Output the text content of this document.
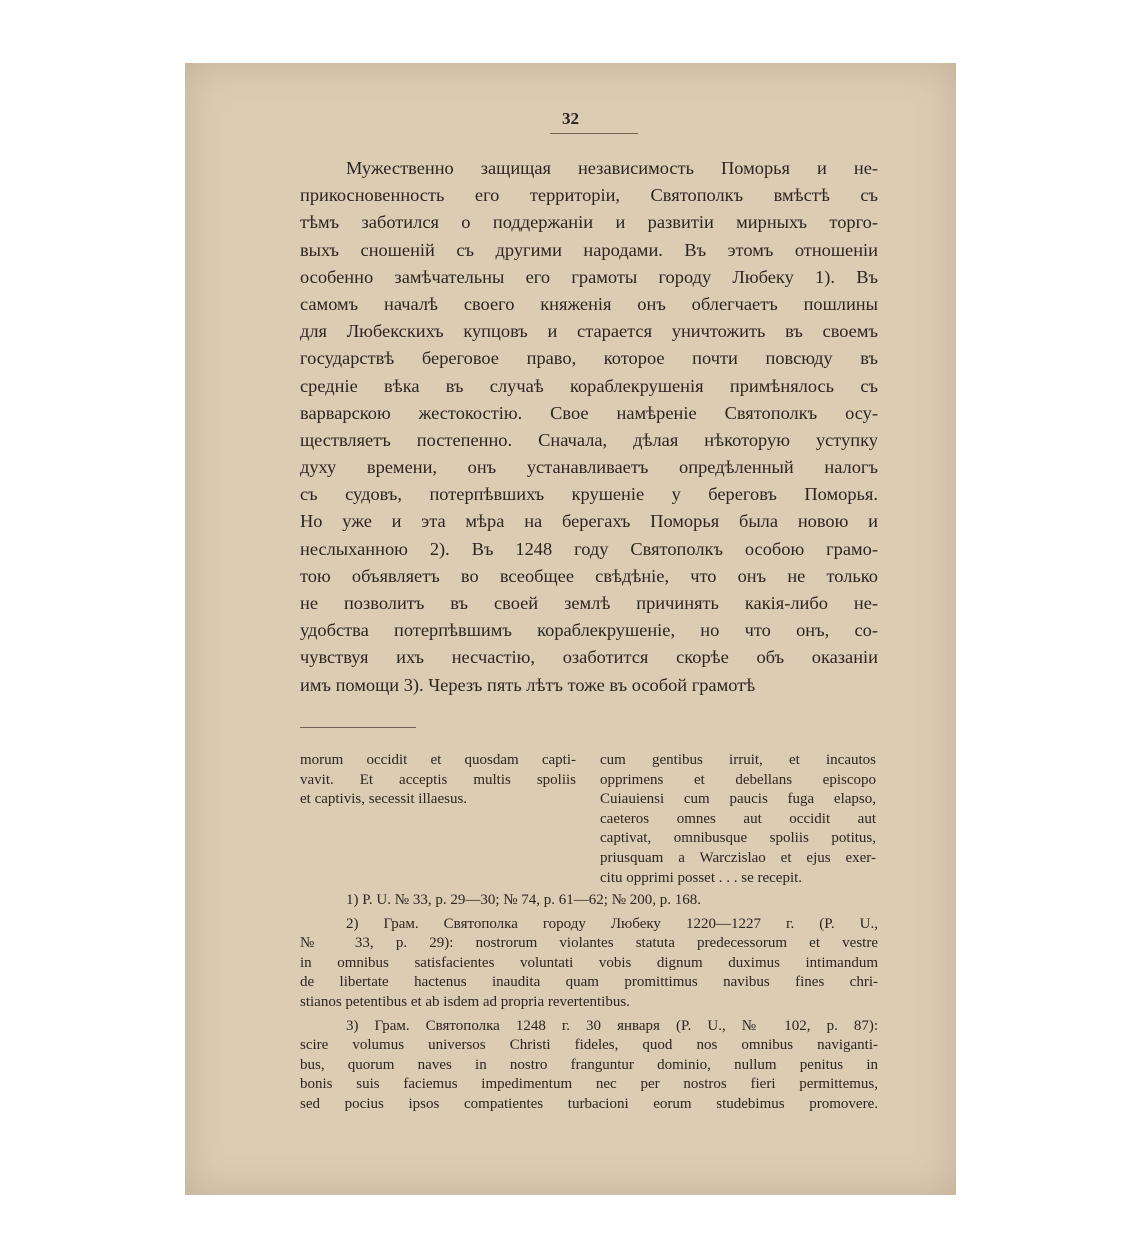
32
Мужественно защищая независимость Поморья и не-
прикосновенность его территорiи, Святополкъ вмѣстѣ съ
тѣмъ заботился о поддержанiи и развитiи мирныхъ торго-
выхъ сношенiй съ другими народами. Въ этомъ отношенiи
особенно замѣчательны его грамоты городу Любеку 1). Въ
самомъ началѣ своего княженiя онъ облегчаетъ пошлины
для Любекскихъ купцовъ и старается уничтожить въ своемъ
государствѣ береговое право, которое почти повсюду въ
среднiе вѣка въ случаѣ кораблекрушенiя примѣнялось съ
варварскою жестокостiю. Свое намѣренiе Святополкъ осу-
ществляетъ постепенно. Сначала, дѣлая нѣкоторую уступку
духу времени, онъ устанавливаетъ опредѣленный налогъ
съ судовъ, потерпѣвшихъ крушенiе у береговъ Поморья.
Но уже и эта мѣра на берегахъ Поморья была новою и
неслыханною 2). Въ 1248 году Святополкъ особою грамо-
тою объявляетъ во всеобщее свѣдѣнiе, что онъ не только
не позволитъ въ своей землѣ причинять какiя-либо не-
удобства потерпѣвшимъ кораблекрушенiе, но что онъ, со-
чувствуя ихъ несчастiю, озаботится скорѣе объ оказанiи
имъ помощи 3). Черезъ пять лѣтъ тоже въ особой грамотѣ
morum occidit et quosdam capti-
vavit. Et acceptis multis spoliis
et captivis, secessit illaesus.
cum gentibus irruit, et incautos
opprimens et debellans episcopo
Cuiauiensi cum paucis fuga elapso,
caeteros omnes aut occidit aut
captivat, omnibusque spoliis potitus,
priusquam a Warczislao et ejus exer-
citu opprimi posset . . . se recepit.
1) P. U. № 33, p. 29—30; № 74, p. 61—62; № 200, p. 168.
2) Грам. Святополка городу Любеку 1220—1227 г. (P. U.,
№ 33, p. 29): nostrorum violantes statuta predecessorum et vestre
in omnibus satisfacientes voluntati vobis dignum duximus intimandum
de libertate hactenus inaudita quam promittimus navibus fines chri-
stianos petentibus et ab isdem ad propria revertentibus.
3) Грам. Святополка 1248 г. 30 января (P. U., № 102, p. 87):
scire volumus universos Christi fideles, quod nos omnibus naviganti-
bus, quorum naves in nostro franguntur dominio, nullum penitus in
bonis suis faciemus impedimentum nec per nostros fieri permittemus,
sed pocius ipsos compatientes turbacioni eorum studebimus promovere.
